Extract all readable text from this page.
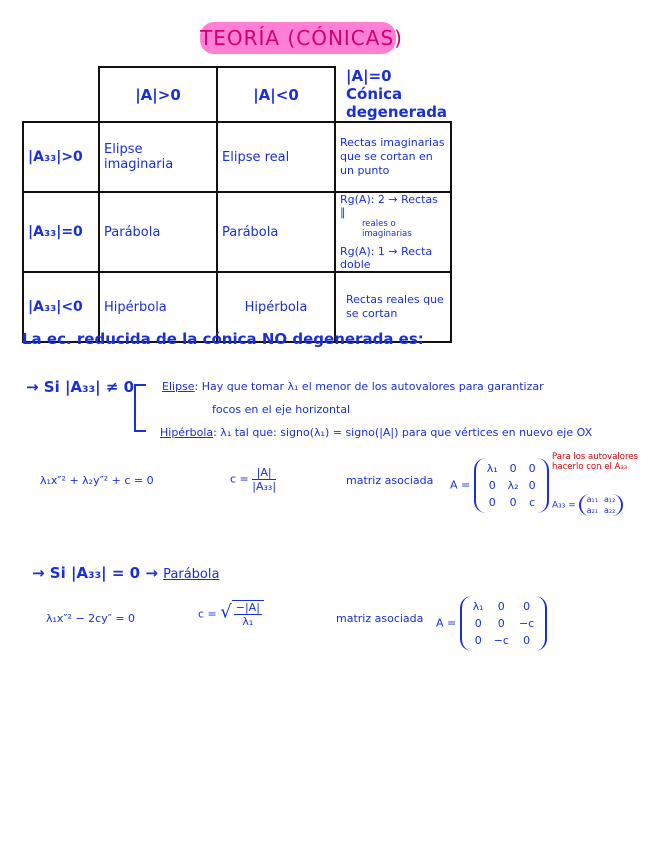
TEORÍA (CÓNICAS)
	|A|>0	|A|<0	|A|=0 Cónica degenerada
|A₃₃|>0	Elipse imaginaria	Elipse real	Rectas imaginarias que se cortan en un punto

|A₃₃|=0	Parábola	Parábola	Rg(A): 2 → Rectas ∥
reales o imaginarias
Rg(A): 1 → Recta doble

|A₃₃|<0	Hipérbola	Hipérbola	Rectas reales que se cortan
La ec. reducida de la cónica NO degenerada es:
→ Si |A₃₃| ≠ 0	Elipse: Hay que tomar λ₁ el menor de los autovalores para garantizar
focos en el eje horizontal
Hipérbola: λ₁ tal que: signo(λ₁) = signo(|A|) para que vértices en nuevo eje OX
λ₁x″² + λ₂y″² + c = 0	$c = \frac{|A|}{\text{|A₃₃|}}$	matriz asociada A =
λ₁	0	0
0	λ₂	0
0	0	c
Para los autovalores
hacerlo con el A₃₃
A₃₃ =
a₁₁	a₁₂
a₂₁	a₂₂
→ Si |A₃₃| = 0 → Parábola
λ₁x″² − 2cy″ = 0	c = √ $\frac{-|A|}{\text{λ₁}}$	matriz asociada A =
λ₁	0	0
0	0	−c
0	−c	0
